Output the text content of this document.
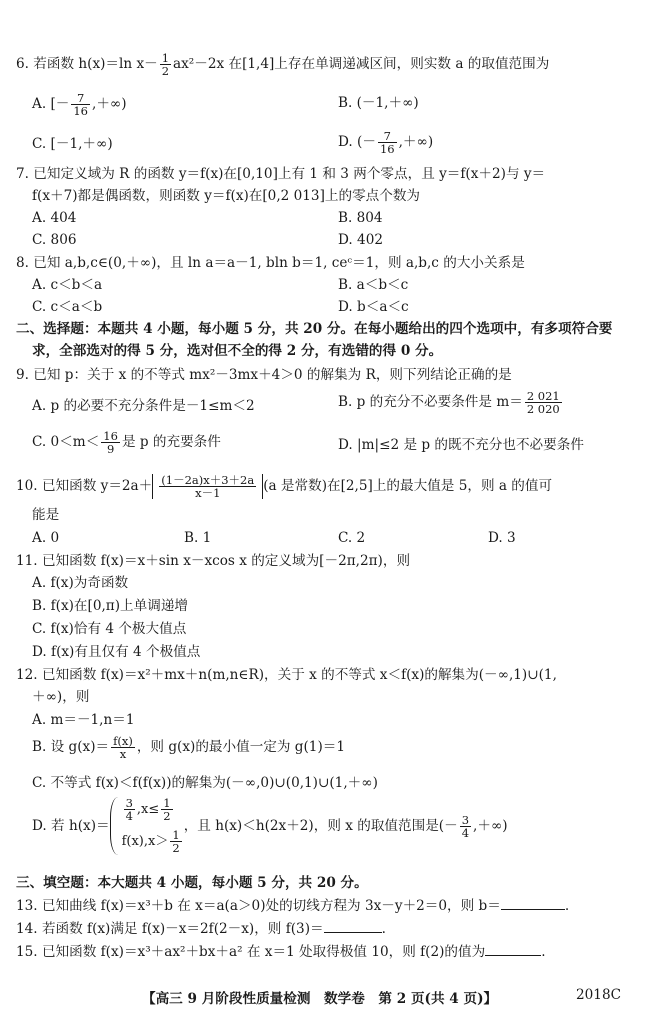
6. 若函数 h(x)＝ln $x- \frac{1}{2} ax^2-2x$ 在[1,4]上存在单调递减区间，则实数 a 的取值范围为
A. [－ $\frac{7}{16}$ ,＋∞)	B. (－1,＋∞)
C. [－1,＋∞)	D. (－ $\frac{7}{16}$ ,＋∞)
7. 已知定义域为 R 的函数 y＝f(x)在[0,10]上有 1 和 3 两个零点，且 y＝f(x＋2)与 y＝
f(x＋7)都是偶函数，则函数 y＝f(x)在[0,2 013]上的零点个数为
A. 404	B. 804
C. 806	D. 402
8. 已知 a,b,c∈(0,＋∞)，且 ln a＝a－1, bln b＝1, ceᶜ＝1，则 a,b,c 的大小关系是
A. c＜b＜a	B. a＜b＜c
C. c＜a＜b	D. b＜a＜c
二、选择题：本题共 4 小题，每小题 5 分，共 20 分。在每小题给出的四个选项中，有多项符合要
求，全部选对的得 5 分，选对但不全的得 2 分，有选错的得 0 分。
9. 已知 p：关于 x 的不等式 mx²－3mx＋4＞0 的解集为 R，则下列结论正确的是
A. p 的必要不充分条件是－1≤m＜2	B. p 的充分不必要条件是 $m= \frac{2 021}{2 020}$
C. $0<m< \frac{16}{9}$ 是 p 的充要条件	D. |m|≤2 是 p 的既不充分也不必要条件
10. 已知函数 $y=2a+ \frac{(1-2a)x+3+2a}{x-1} (a$ 是常数)在[2,5]上的最大值是 5，则 a 的值可
能是
A. 0	B. 1	C. 2	D. 3
11. 已知函数 f(x)＝x＋sin x－xcos x 的定义域为[－2π,2π)，则
A. f(x)为奇函数
B. f(x)在[0,π)上单调递增
C. f(x)恰有 4 个极大值点
D. f(x)有且仅有 4 个极值点
12. 已知函数 f(x)＝x²＋mx＋n(m,n∈R)，关于 x 的不等式 x＜f(x)的解集为(－∞,1)∪(1,
＋∞)，则
A. m＝－1,n＝1
B. 设 $g(x)= \frac{f(x)}{x}$ ，则 g(x)的最小值一定为 g(1)＝1
C. 不等式 f(x)＜f(f(x))的解集为(－∞,0)∪(0,1)∪(1,＋∞)
D. 若 h(x)＝
$\frac{3}{4} ,x\le \frac{1}{2}$
$f(x),x> \frac{1}{2}$
，且 h(x)＜h(2x＋2)，则 x 的取值范围是(－ $\frac{3}{4}$ ,＋∞)
三、填空题：本大题共 4 小题，每小题 5 分，共 20 分。
13. 已知曲线 f(x)＝x³＋b 在 x＝a(a＞0)处的切线方程为 3x－y＋2＝0，则 b＝	.
14. 若函数 f(x)满足 f(x)－x＝2f(2－x)，则 f(3)＝	.
15. 已知函数 f(x)＝x³＋ax²＋bx＋a² 在 x＝1 处取得极值 10，则 f(2)的值为	.
【高三 9 月阶段性质量检测　数学卷　第 2 页(共 4 页)】	2018C
